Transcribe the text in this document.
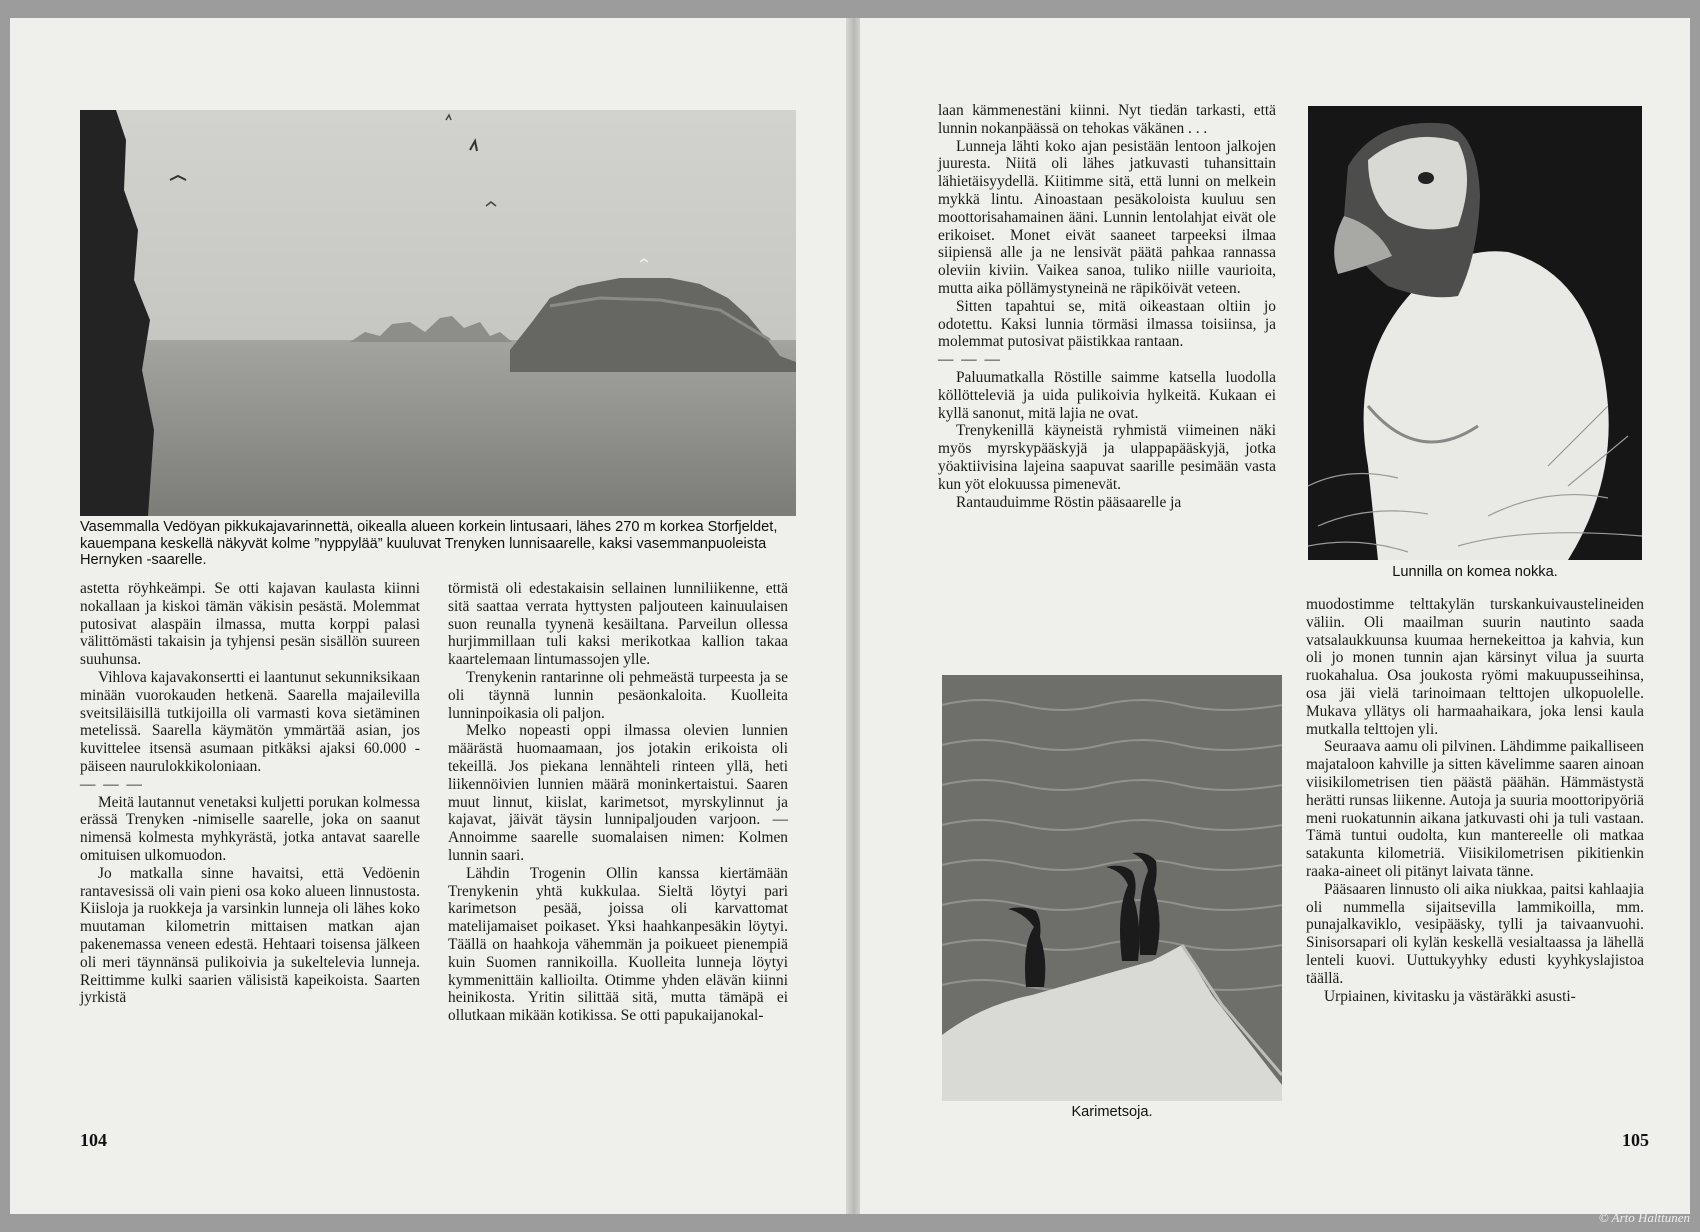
Vasemmalla Vedöyan pikkukajavarinnettä, oikealla alueen korkein lintusaari, lähes 270 m korkea Storfjeldet, kauempana keskellä näkyvät kolme ”nyppylää” kuuluvat Trenyken lunnisaarelle, kaksi vasemmanpuoleista Hernyken -saarelle.

astetta röyhkeämpi. Se otti kajavan kaulasta kiinni nokallaan ja kiskoi tämän väkisin pesästä. Molemmat putosivat alaspäin ilmassa, mutta korppi palasi välittömästi takaisin ja tyhjensi pesän sisällön suureen suuhunsa.

Vihlova kajavakonsertti ei laantunut sekunniksikaan minään vuorokauden hetkenä. Saarella majailevilla sveitsiläisillä tutkijoilla oli varmasti kova sietäminen metelissä. Saarella käymätön ymmärtää asian, jos kuvittelee itsensä asumaan pitkäksi ajaksi 60.000 -päiseen naurulokkikoloniaan.

— — —

Meitä lautannut venetaksi kuljetti porukan kolmessa erässä Trenyken -nimiselle saarelle, joka on saanut nimensä kolmesta myhkyrästä, jotka antavat saarelle omituisen ulkomuodon.

Jo matkalla sinne havaitsi, että Vedöenin rantavesissä oli vain pieni osa koko alueen linnustosta. Kiisloja ja ruokkeja ja varsinkin lunneja oli lähes koko muutaman kilometrin mittaisen matkan ajan pakenemassa veneen edestä. Hehtaari toisensa jälkeen oli meri täynnänsä pulikoivia ja sukeltelevia lunneja. Reittimme kulki saarien välisistä kapeikoista. Saarten jyrkistä

törmistä oli edestakaisin sellainen lunniliikenne, että sitä saattaa verrata hyttysten paljouteen kainuulaisen suon reunalla tyynenä kesäiltana. Parveilun ollessa hurjimmillaan tuli kaksi merikotkaa kallion takaa kaartelemaan lintumassojen ylle.

Trenykenin rantarinne oli pehmeästä turpeesta ja se oli täynnä lunnin pesäonkaloita. Kuolleita lunninpoikasia oli paljon.

Melko nopeasti oppi ilmassa olevien lunnien määrästä huomaamaan, jos jotakin erikoista oli tekeillä. Jos piekana lennähteli rinteen yllä, heti liikennöivien lunnien määrä moninkertaistui. Saaren muut linnut, kiislat, karimetsot, myrskylinnut ja kajavat, jäivät täysin lunnipaljouden varjoon. — Annoimme saarelle suomalaisen nimen: Kolmen lunnin saari.

Lähdin Trogenin Ollin kanssa kiertämään Trenykenin yhtä kukkulaa. Sieltä löytyi pari karimetson pesää, joissa oli karvattomat matelijamaiset poikaset. Yksi haahkanpesäkin löytyi. Täällä on haahkoja vähemmän ja poikueet pienempiä kuin Suomen rannikoilla. Kuolleita lunneja löytyi kymmenittäin kallioilta. Otimme yhden elävän kiinni heinikosta. Yritin silittää sitä, mutta tämäpä ei ollutkaan mikään kotikissa. Se otti papukaijanokal-

104

laan kämmenestäni kiinni. Nyt tiedän tarkasti, että lunnin nokanpäässä on tehokas väkänen . . .

Lunneja lähti koko ajan pesistään lentoon jalkojen juuresta. Niitä oli lähes jatkuvasti tuhansittain lähietäisyydellä. Kiitimme sitä, että lunni on melkein mykkä lintu. Ainoastaan pesäkoloista kuuluu sen moottorisahamainen ääni. Lunnin lentolahjat eivät ole erikoiset. Monet eivät saaneet tarpeeksi ilmaa siipiensä alle ja ne lensivät päätä pahkaa rannassa oleviin kiviin. Vaikea sanoa, tuliko niille vaurioita, mutta aika pöllämystyneinä ne räpiköivät veteen.

Sitten tapahtui se, mitä oikeastaan oltiin jo odotettu. Kaksi lunnia törmäsi ilmassa toisiinsa, ja molemmat putosivat päistikkaa rantaan.

— — —

Paluumatkalla Röstille saimme katsella luodolla köllötteleviä ja uida pulikoivia hylkeitä. Kukaan ei kyllä sanonut, mitä lajia ne ovat.

Trenykenillä käyneistä ryhmistä viimeinen näki myös myrskypääskyjä ja ulappapääskyjä, jotka yöaktiivisina lajeina saapuvat saarille pesimään vasta kun yöt elokuussa pimenevät.

Rantauduimme Röstin pääsaarelle ja

Lunnilla on komea nokka.
Karimetsoja.

muodostimme telttakylän turskankuivaustelineiden väliin. Oli maailman suurin nautinto saada vatsalaukkuunsa kuumaa hernekeittoa ja kahvia, kun oli jo monen tunnin ajan kärsinyt vilua ja suurta ruokahalua. Osa joukosta ryömi makuupusseihinsa, osa jäi vielä tarinoimaan telttojen ulkopuolelle. Mukava yllätys oli harmaahaikara, joka lensi kaula mutkalla telttojen yli.

Seuraava aamu oli pilvinen. Lähdimme paikalliseen majataloon kahville ja sitten kävelimme saaren ainoan viisikilometrisen tien päästä päähän. Hämmästystä herätti runsas liikenne. Autoja ja suuria moottoripyöriä meni ruokatunnin aikana jatkuvasti ohi ja tuli vastaan. Tämä tuntui oudolta, kun mantereelle oli matkaa satakunta kilometriä. Viisikilometrisen pikitienkin raaka-aineet oli pitänyt laivata tänne.

Pääsaaren linnusto oli aika niukkaa, paitsi kahlaajia oli nummella sijaitsevilla lammikoilla, mm. punajalkaviklo, vesipääsky, tylli ja taivaanvuohi. Sinisorsapari oli kylän keskellä vesialtaassa ja lähellä lenteli kuovi. Uuttukyyhky edusti kyyhkyslajistoa täällä.

Urpiainen, kivitasku ja västäräkki asusti-

105
© Arto Halttunen
